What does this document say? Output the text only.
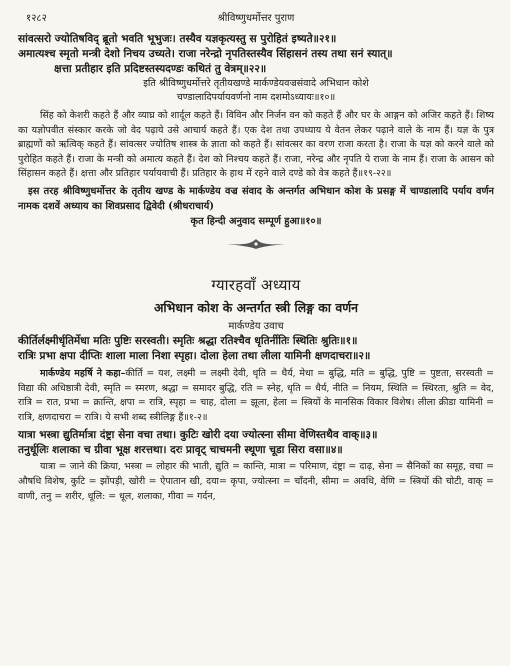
१२८२	श्रीविष्णुधर्मोत्तर पुराण

सांवत्सरो ज्योतिषविद् ब्रूतो भवति भूभुजः। तस्यैव यज्ञकृत्यस्तु स पुरोहितं इष्यते॥२१॥

अमात्यश्च स्मृतो मन्त्री देशो निचय उच्यते। राजा नरेन्द्रो नृपतिस्तस्यैव सिंहासनं तस्य तथा सनं स्यात्॥

क्षत्ता प्रतीहार इति प्रदिष्टस्तस्यदण्डः कथितं तु वेत्रम्॥२२॥

इति श्रीविष्णुधर्मोत्तरे तृतीयखण्डे मार्कण्डेयवज्रसंवादे अभिधान कोशे

चण्डालादिपर्यायवर्णनो नाम दशमोऽध्यायः॥१०॥

सिंह को केशरी कहते हैं और व्याघ्र को शार्दूल कहते हैं। विविन और निर्जन वन को कहते हैं और घर के आङ्गन को अजिर कहते हैं। शिष्य का यज्ञोपवीत संस्कार करके जो वेद पढ़ाये उसे आचार्य कहते हैं। एक देश तथा उपध्याय ये वेतन लेकर पढ़ाने वाले के नाम हैं। यज्ञ के पुत्र ब्राह्मणों को ऋत्विक् कहते हैं। सांवत्सर ज्योतिष शास्त्र के ज्ञाता को कहते हैं। सांवत्सर का वरण राजा करता है। राजा के यज्ञ को करने वाले को पुरोहित कहते हैं। राजा के मन्त्री को अमात्य कहते हैं। देश को निश्चय कहते हैं। राजा, नरेन्द्र और नृपति ये राजा के नाम हैं। राजा के आसन को सिंहासन कहते हैं। क्षत्ता और प्रतिहार पर्यायवाची हैं। प्रतिहार के हाथ में रहने वाले दण्डे को वेत्र कहते हैं॥१९-२२॥

इस तरह श्रीविष्णुधर्मोत्तर के तृतीय खण्ड के मार्कण्डेय वज्र संवाद के अन्तर्गत अभिधान कोश के प्रसङ्ग में चाण्डालादि पर्याय वर्णन नामक दशवें अध्याय का शिवप्रसाद द्विवेदी (श्रीधराचार्य)

कृत हिन्दी अनुवाद सम्पूर्ण हुआ॥१०॥

ग्यारहवाँ अध्याय
अभिधान कोश के अन्तर्गत स्त्री लिङ्ग का वर्णन
मार्कण्डेय उवाच

कीर्तिर्लक्ष्मीर्धृतिर्मेधा मतिः पुष्टिः सरस्वती। स्मृतिः श्रद्धा रतिश्चैव धृतिर्नीतिः स्थितिः श्रुतिः॥१॥

रात्रिः प्रभा क्षपा दीप्तिः शाला माला निशा स्पृहा। दोला हेला तथा लीला यामिनी क्षणदाचरा॥२॥

मार्कण्डेय महर्षि ने कहा–कीर्ति = यश, लक्ष्मी = लक्ष्मी देवी, धृति = धैर्य, मेधा = बुद्धि, मति = बुद्धि, पुष्टि = पुष्टता, सरस्वती = विद्या की अधिष्ठात्री देवी, स्मृति = स्मरण, श्रद्धा = समादर बुद्धि, रति = स्नेह, धृति = धैर्य, नीति = नियम, स्थिति = स्थिरता, श्रुति = वेद, रात्रि = रात, प्रभा = क्रान्ति, क्षपा = रात्रि, स्पृहा = चाह, दोला = झूला, हेला = स्त्रियों के मानसिक विकार विशेष। लीला क्रीडा यामिनी = रात्रि, क्षणदाचरा = रात्रि। ये सभी शब्द स्त्रीलिङ्ग हैं॥१-२॥

यात्रा भस्त्रा द्युतिर्मात्रा दंष्ट्रा सेना वचा तथा। कुटिः खोरी दया ज्योत्स्ना सीमा वेणिस्तथैव वाक्॥३॥

तनुर्धूलिः शलाका च ग्रीवा भूक्ष शरत्तथा। दरः प्रावृट् चाचमनी स्थूणा चूडा सिरा वसा॥४॥

यात्रा = जाने की क्रिया, भस्त्रा = लोहार की भाती, द्युति = कान्ति, मात्रा = परिमाण, दंष्ट्रा = दाढ़, सेना = सैनिकों का समूह, वचा = औषधि विशेष, कुटि = झोंपड़ी, खोरी = ऐपातान खी, दया= कृपा, ज्योत्स्ना = चाँदनी, सीमा = अवधि, वेणि = स्त्रियों की चोटी, वाक् = वाणी, तनु = शरीर, धूलि: = धूल, शलाका, गीवा = गर्दन,
